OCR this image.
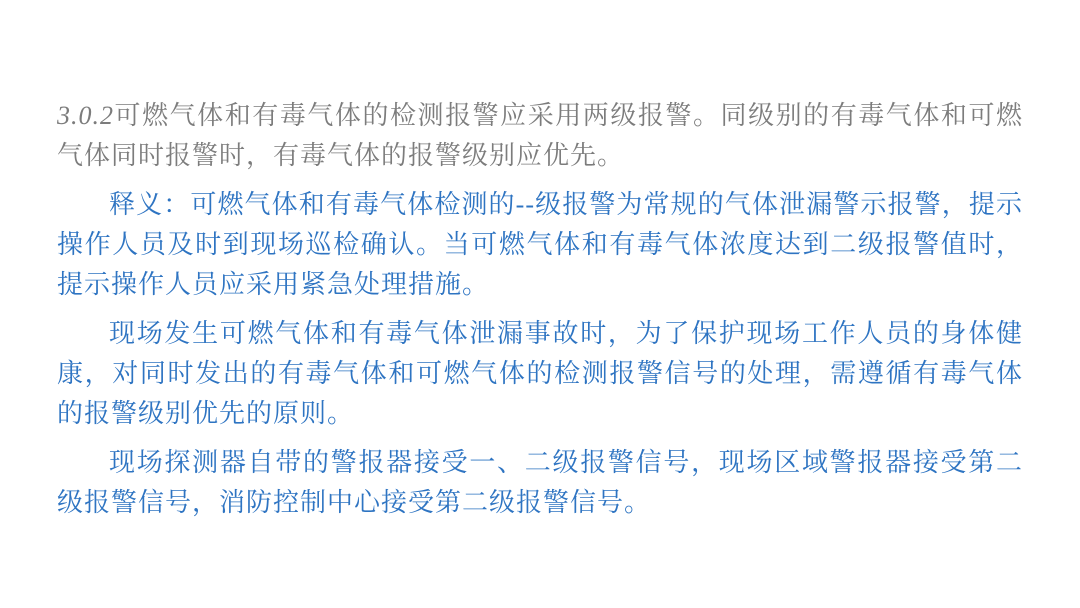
3.0.2可燃气体和有毒气体的检测报警应采用两级报警。同级别的有毒气体和可燃气体同时报警时，有毒气体的报警级别应优先。

释义：可燃气体和有毒气体检测的--级报警为常规的气体泄漏警示报警，提示操作人员及时到现场巡检确认。当可燃气体和有毒气体浓度达到二级报警值时，提示操作人员应采用紧急处理措施。

现场发生可燃气体和有毒气体泄漏事故时，为了保护现场工作人员的身体健康，对同时发出的有毒气体和可燃气体的检测报警信号的处理，需遵循有毒气体的报警级别优先的原则。

现场探测器自带的警报器接受一、二级报警信号，现场区域警报器接受第二级报警信号，消防控制中心接受第二级报警信号。
